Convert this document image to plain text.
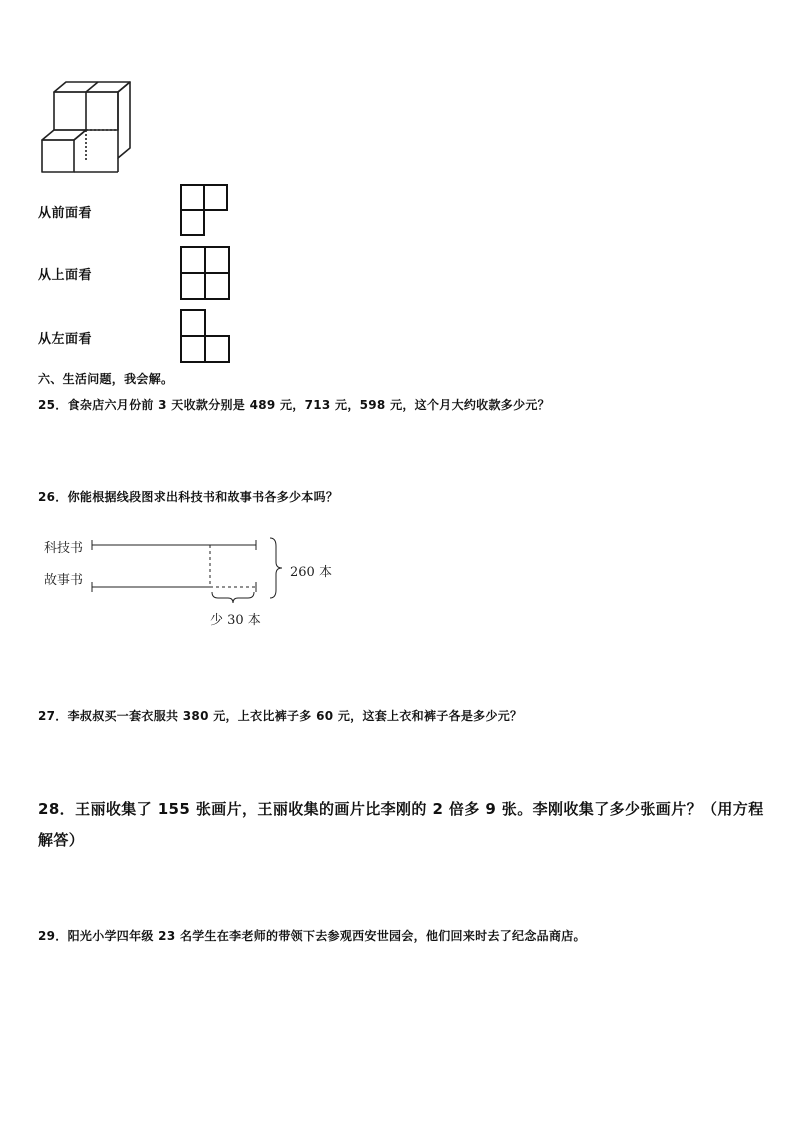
从前面看
从上面看
从左面看
六、生活问题，我会解。
25．食杂店六月份前 3 天收款分别是 489 元，713 元，598 元，这个月大约收款多少元？
26．你能根据线段图求出科技书和故事书各多少本吗？
科技书
故事书
260 本
少 30 本
27．李叔叔买一套衣服共 380 元，上衣比裤子多 60 元，这套上衣和裤子各是多少元？
28．王丽收集了 155 张画片，王丽收集的画片比李刚的 2 倍多 9 张。李刚收集了多少张画片？（用方程解答）
29．阳光小学四年级 23 名学生在李老师的带领下去参观西安世园会，他们回来时去了纪念品商店。
